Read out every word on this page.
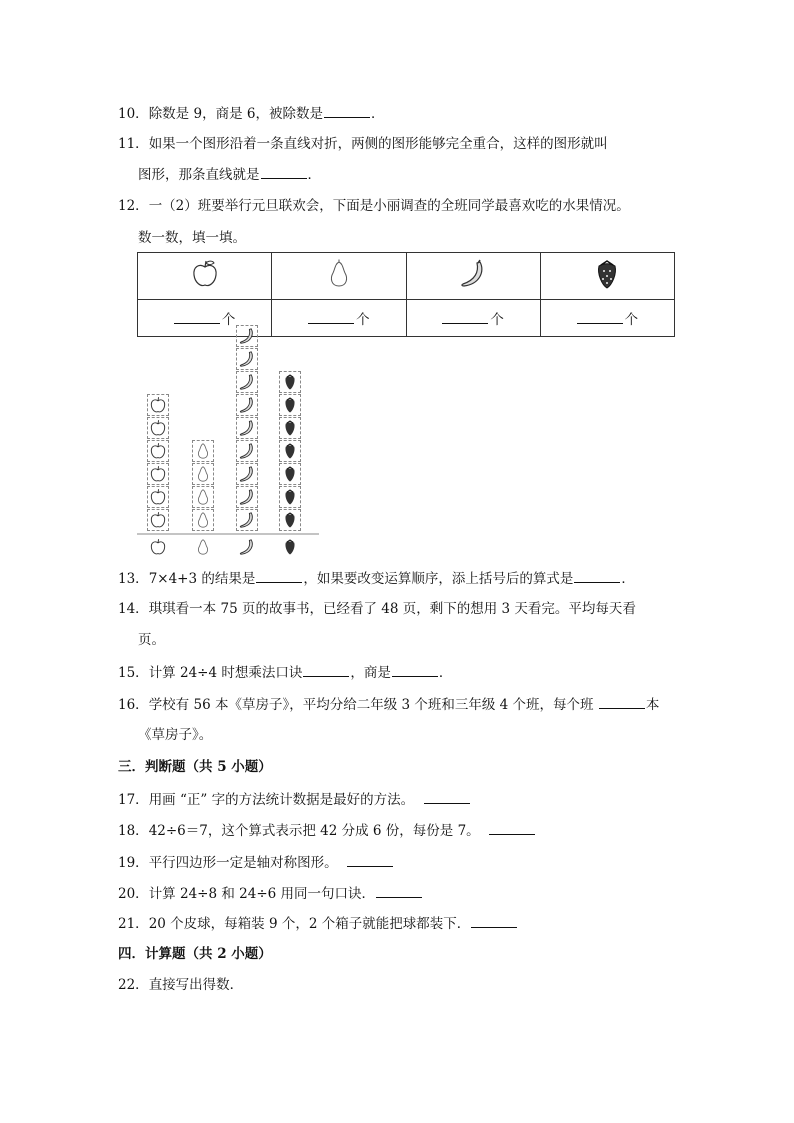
10．除数是 9，商是 6，被除数是	．
11．如果一个图形沿着一条直线对折，两侧的图形能够完全重合，这样的图形就叫
图形，那条直线就是	．
12．一（2）班要举行元旦联欢会，下面是小丽调查的全班同学最喜欢吃的水果情况。
数一数，填一填。

个	个	个	个
13．7×4+3 的结果是	，如果要改变运算顺序，添上括号后的算式是	．
14．琪琪看一本 75 页的故事书，已经看了 48 页，剩下的想用 3 天看完。平均每天看
页。
15．计算 24÷4 时想乘法口诀	，商是	．
16．学校有 56 本《草房子》，平均分给二年级 3 个班和三年级 4 个班，每个班	本
《草房子》。
三．判断题（共 5 小题）
17．用画 “正” 字的方法统计数据是最好的方法。
18．42÷6＝7，这个算式表示把 42 分成 6 份，每份是 7。
19．平行四边形一定是轴对称图形。
20．计算 24÷8 和 24÷6 用同一句口诀．
21．20 个皮球，每箱装 9 个，2 个箱子就能把球都装下．
四．计算题（共 2 小题）
22．直接写出得数．
